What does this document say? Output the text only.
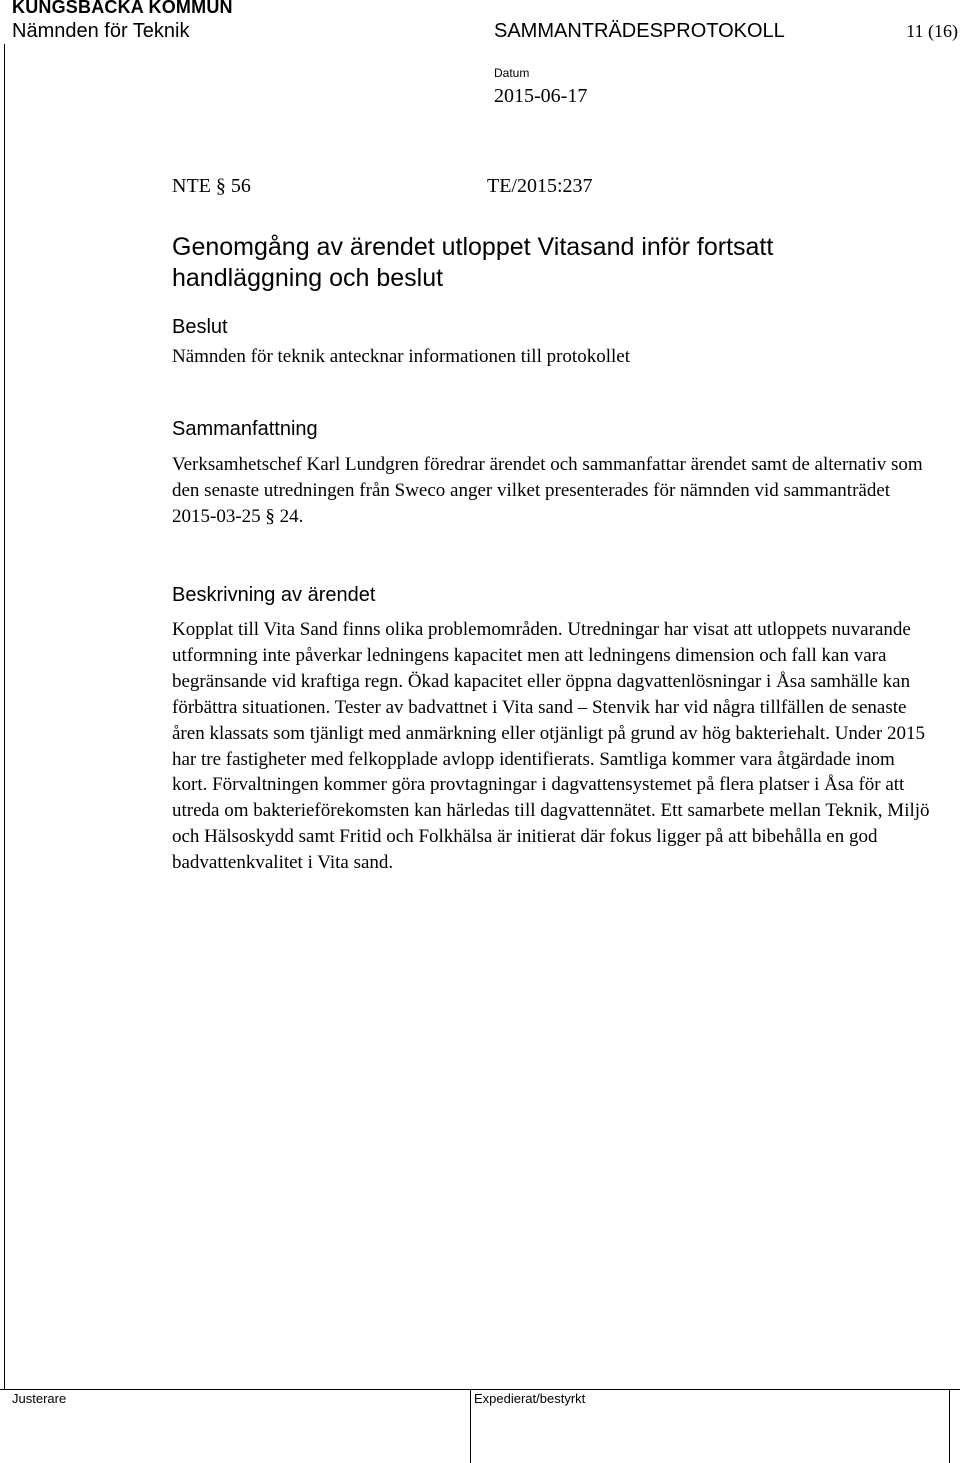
KUNGSBACKA KOMMUN
Nämnden för Teknik	SAMMANTRÄDESPROTOKOLL	11 (16)
Datum
2015-06-17
NTE § 56	TE/2015:237
Genomgång av ärendet utloppet Vitasand inför fortsatt handläggning och beslut
Beslut
Nämnden för teknik antecknar informationen till protokollet
Sammanfattning
Verksamhetschef Karl Lundgren föredrar ärendet och sammanfattar ärendet samt de alternativ som den senaste utredningen från Sweco anger vilket presenterades för nämnden vid sammanträdet 2015-03-25 § 24.
Beskrivning av ärendet
Kopplat till Vita Sand finns olika problemområden. Utredningar har visat att utloppets nuvarande utformning inte påverkar ledningens kapacitet men att ledningens dimension och fall kan vara begränsande vid kraftiga regn. Ökad kapacitet eller öppna dagvattenlösningar i Åsa samhälle kan förbättra situationen. Tester av badvattnet i Vita sand – Stenvik har vid några tillfällen de senaste åren klassats som tjänligt med anmärkning eller otjänligt på grund av hög bakteriehalt. Under 2015 har tre fastigheter med felkopplade avlopp identifierats. Samtliga kommer vara åtgärdade inom kort. Förvaltningen kommer göra provtagningar i dagvattensystemet på flera platser i Åsa för att utreda om bakterieförekomsten kan härledas till dagvattennätet. Ett samarbete mellan Teknik, Miljö och Hälsoskydd samt Fritid och Folkhälsa är initierat där fokus ligger på att bibehålla en god badvattenkvalitet i Vita sand.
Justerare	Expedierat/bestyrkt
